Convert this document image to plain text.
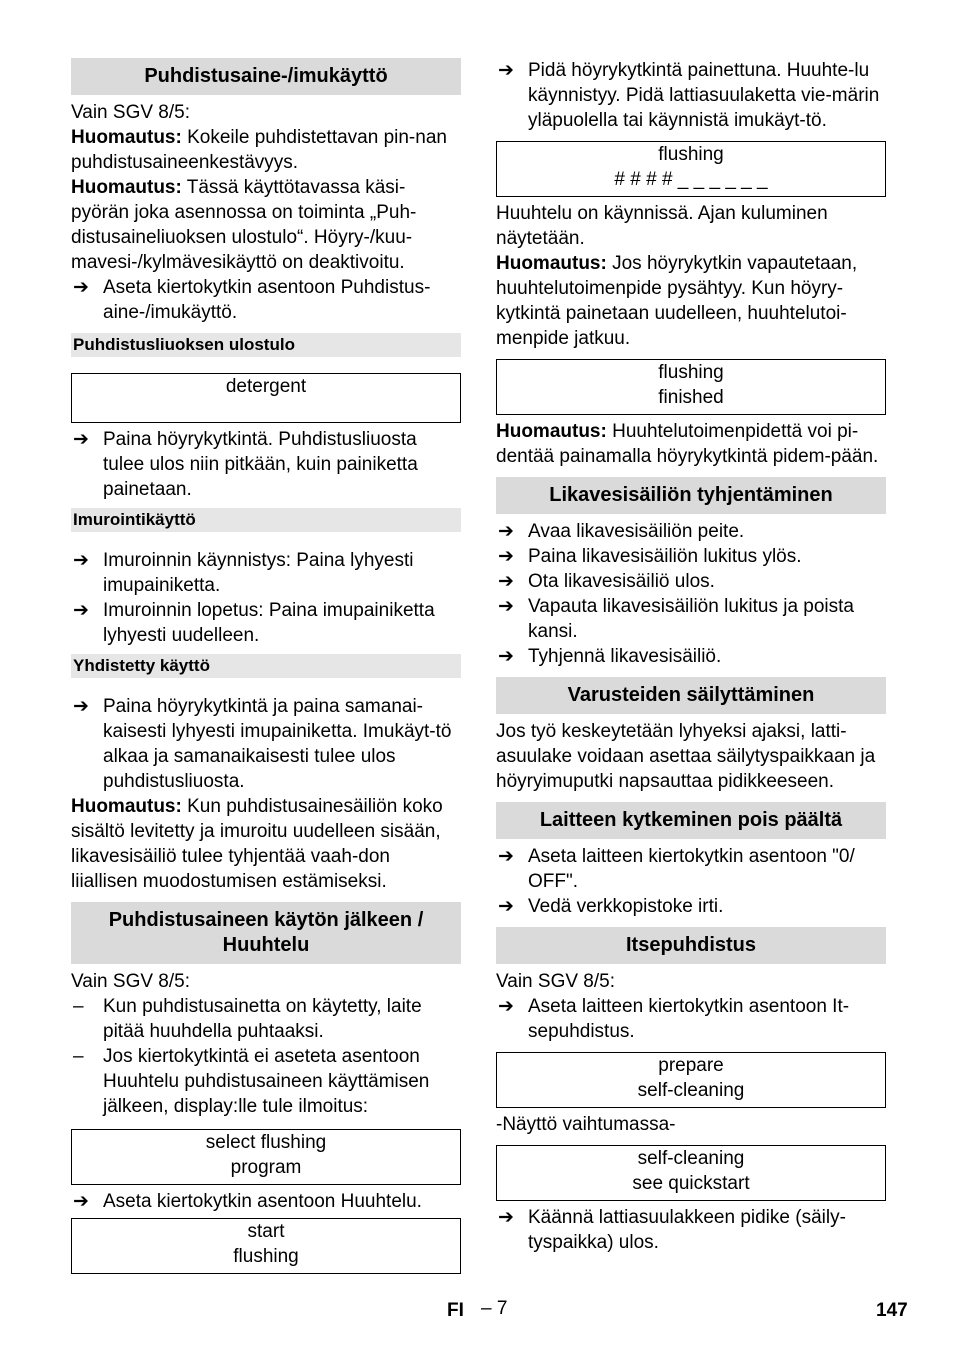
Puhdistusaine-/imukäyttö

Vain SGV 8/5:

Huomautus: Kokeile puhdistettavan pin-nan puhdistusaineenkestävyys.

Huomautus: Tässä käyttötavassa käsi-pyörän joka asennossa on toiminta „Puh-distusaineliuoksen ulostulo“. Höyry-/kuu-mavesi-/kylmävesikäyttö on deaktivoitu.

➔ Aseta kiertokytkin asentoon Puhdistus-aine-/imukäyttö.
Puhdistusliuoksen ulostulo
detergent
➔ Paina höyrykytkintä. Puhdistusliuosta tulee ulos niin pitkään, kuin painiketta painetaan.
Imurointikäyttö
➔ Imuroinnin käynnistys: Paina lyhyesti imupainiketta.
➔ Imuroinnin lopetus: Paina imupainiketta lyhyesti uudelleen.
Yhdistetty käyttö
➔ Paina höyrykytkintä ja paina samanai-kaisesti lyhyesti imupainiketta. Imukäyt-tö alkaa ja samanaikaisesti tulee ulos puhdistusliuosta.

Huomautus: Kun puhdistusainesäiliön koko sisältö levitetty ja imuroitu uudelleen sisään, likavesisäiliö tulee tyhjentää vaah-don liiallisen muodostumisen estämiseksi.

Puhdistusaineen käytön jälkeen / Huuhtelu

Vain SGV 8/5:

– Kun puhdistusainetta on käytetty, laite pitää huuhdella puhtaaksi.
– Jos kiertokytkintä ei aseteta asentoon Huuhtelu puhdistusaineen käyttämisen jälkeen, display:lle tule ilmoitus:
select flushing
program
➔ Aseta kiertokytkin asentoon Huuhtelu.
start
flushing
➔ Pidä höyrykytkintä painettuna. Huuhte-lu käynnistyy. Pidä lattiasuulaketta vie-märin yläpuolella tai käynnistä imukäyt-tö.
flushing
# # # # _ _ _ _ _ _

Huuhtelu on käynnissä. Ajan kuluminen näytetään.

Huomautus: Jos höyrykytkin vapautetaan, huuhtelutoimenpide pysähtyy. Kun höyry-kytkintä painetaan uudelleen, huuhtelutoi-menpide jatkuu.

flushing
finished

Huomautus: Huuhtelutoimenpidettä voi pi-dentää painamalla höyrykytkintä pidem-pään.

Likavesisäiliön tyhjentäminen
➔ Avaa likavesisäiliön peite.
➔ Paina likavesisäiliön lukitus ylös.
➔ Ota likavesisäiliö ulos.
➔ Vapauta likavesisäiliön lukitus ja poista kansi.
➔ Tyhjennä likavesisäiliö.
Varusteiden säilyttäminen

Jos työ keskeytetään lyhyeksi ajaksi, latti-asuulake voidaan asettaa säilytyspaikkaan ja höyryimuputki napsauttaa pidikkeeseen.

Laitteen kytkeminen pois päältä
➔ Aseta laitteen kiertokytkin asentoon "0/ OFF".
➔ Vedä verkkopistoke irti.
Itsepuhdistus

Vain SGV 8/5:

➔ Aseta laitteen kiertokytkin asentoon It-sepuhdistus.
prepare
self-cleaning

-Näyttö vaihtumassa-

self-cleaning
see quickstart
➔ Käännä lattiasuulakkeen pidike (säily-tyspaikka) ulos.
FI – 7	147
